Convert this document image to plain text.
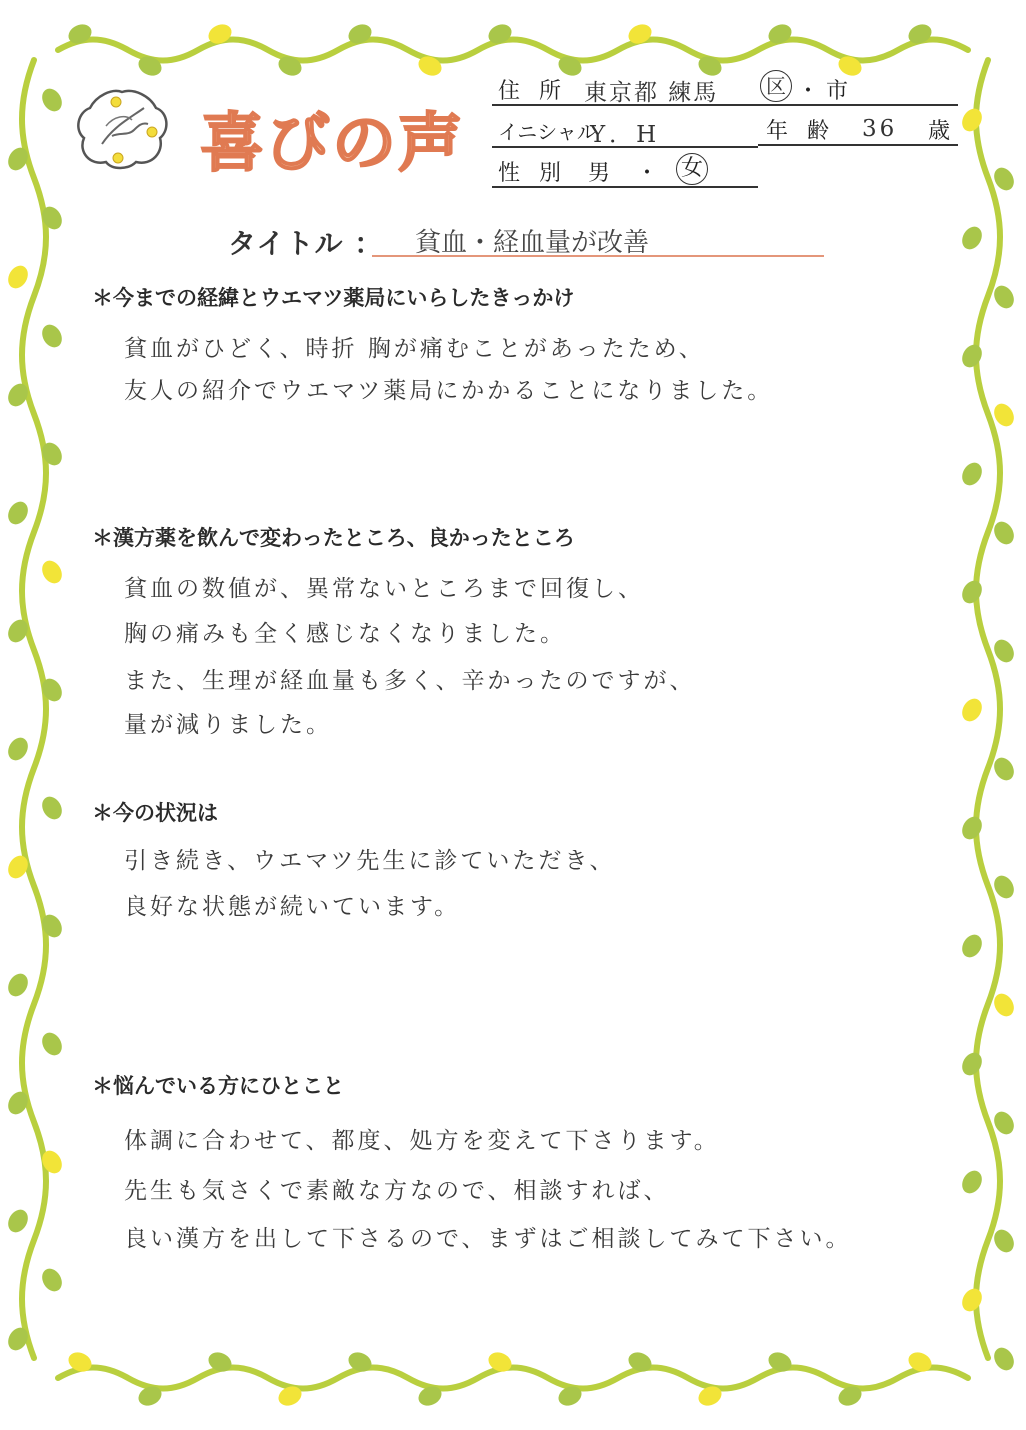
喜びの声
住 所 東京都 練馬	区 ・ 市
イニシャル
Y．H	年 齢 36 歳
性 別 男 ・ 女
タイトル ： 貧血・経血量が改善
＊今までの経緯とウエマツ薬局にいらしたきっかけ
貧血がひどく、時折 胸が痛むことがあったため、
友人の紹介でウエマツ薬局にかかることになりました。
＊漢方薬を飲んで変わったところ、良かったところ
貧血の数値が、異常ないところまで回復し、
胸の痛みも全く感じなくなりました。
また、生理が経血量も多く、辛かったのですが、
量が減りました。
＊今の状況は
引き続き、ウエマツ先生に診ていただき、
良好な状態が続いています。
＊悩んでいる方にひとこと
体調に合わせて、都度、処方を変えて下さります。
先生も気さくで素敵な方なので、相談すれば、
良い漢方を出して下さるので、まずはご相談してみて下さい。
